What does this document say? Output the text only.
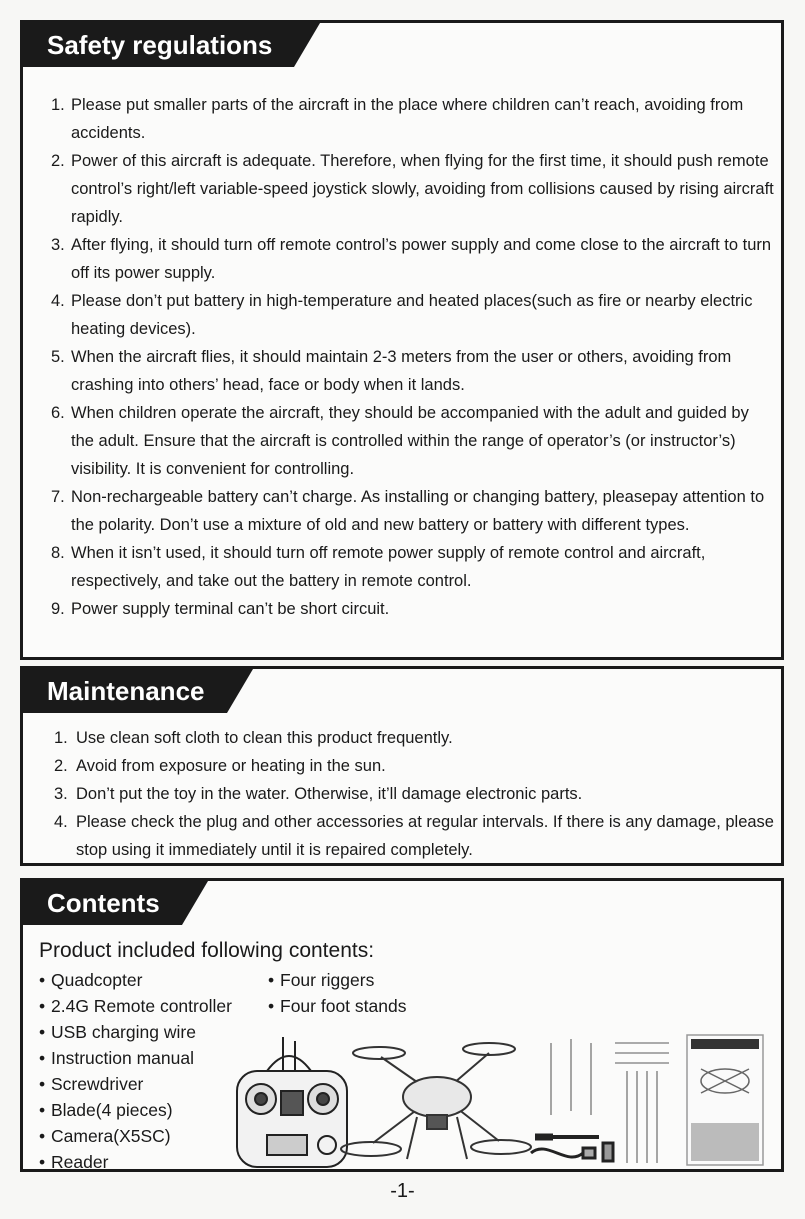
Safety regulations
1. Please put smaller parts of the aircraft in the place where children can’t reach, avoiding from accidents.
2. Power of this aircraft is adequate. Therefore, when flying for the first time, it should push remote control’s right/left variable-speed joystick slowly, avoiding from collisions caused by rising aircraft rapidly.
3. After flying, it should turn off remote control’s power supply and come close to the aircraft to turn off its power supply.
4. Please don’t put battery in high-temperature and heated places(such as fire or nearby electric heating devices).
5. When the aircraft flies, it should maintain 2-3 meters from the user or others, avoiding from crashing into others’ head, face or body when it lands.
6. When children operate the aircraft, they should be accompanied with the adult and guided by the adult. Ensure that the aircraft is controlled within the range of operator’s (or instructor’s) visibility. It is convenient for controlling.
7. Non-rechargeable battery can’t charge. As installing or changing battery, pleasepay attention to the polarity. Don’t use a mixture of old and new battery or battery with different types.
8. When it isn’t used, it should turn off remote power supply of remote control and aircraft, respectively, and take out the battery in remote control.
9. Power supply terminal can’t be short circuit.
Maintenance
1. Use clean soft cloth to clean this product frequently.
2. Avoid from exposure or heating in the sun.
3. Don’t put the toy in the water. Otherwise, it’ll damage electronic parts.
4. Please check the plug and other accessories at regular intervals. If there is any damage, please stop using it immediately until it is repaired completely.
Contents
Product included following contents:
• Quadcopter
• 2.4G Remote controller
• USB charging wire
• Instruction manual
• Screwdriver
• Blade(4 pieces)
• Camera(X5SC)
• Reader
• Four riggers
• Four foot stands
-1-
